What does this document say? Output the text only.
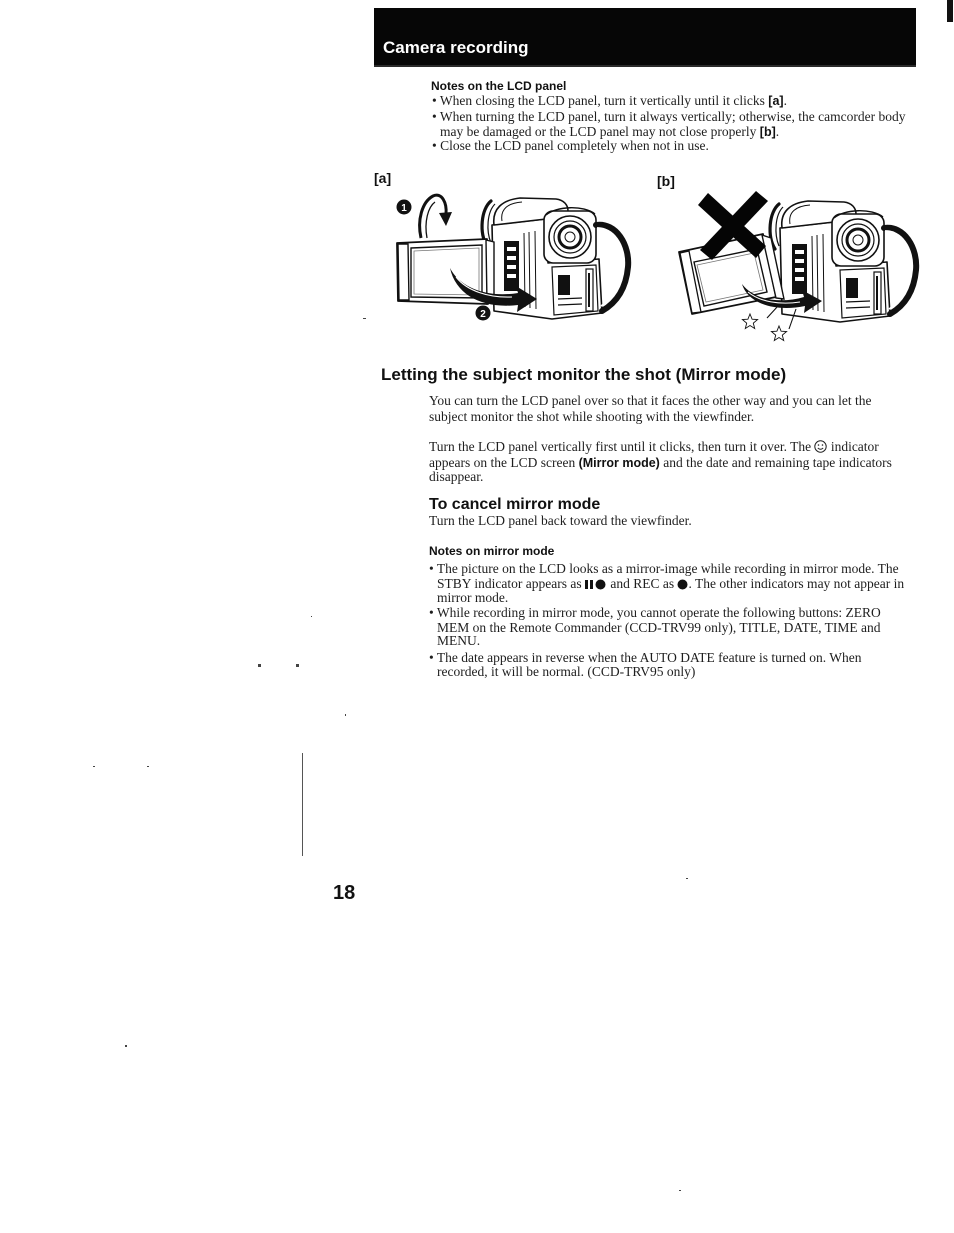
Camera recording
Notes on the LCD panel
• When closing the LCD panel, turn it vertically until it clicks [a].
• When turning the LCD panel, turn it always vertically; otherwise, the camcorder body
may be damaged or the LCD panel may not close properly [b].
• Close the LCD panel completely when not in use.
[a]	[b]
1
2
Letting the subject monitor the shot (Mirror mode)
You can turn the LCD panel over so that it faces the other way and you can let the
subject monitor the shot while shooting with the viewfinder.
Turn the LCD panel vertically first until it clicks, then turn it over. The  indicator
appears on the LCD screen (Mirror mode) and the date and remaining tape indicators
disappear.
To cancel mirror mode
Turn the LCD panel back toward the viewfinder.
Notes on mirror mode
• The picture on the LCD looks as a mirror-image while recording in mirror mode. The
STBY indicator appears as  and REC as . The other indicators may not appear in
mirror mode.
• While recording in mirror mode, you cannot operate the following buttons: ZERO
MEM on the Remote Commander (CCD-TRV99 only), TITLE, DATE, TIME and
MENU.
• The date appears in reverse when the AUTO DATE feature is turned on. When
recorded, it will be normal. (CCD-TRV95 only)
18
